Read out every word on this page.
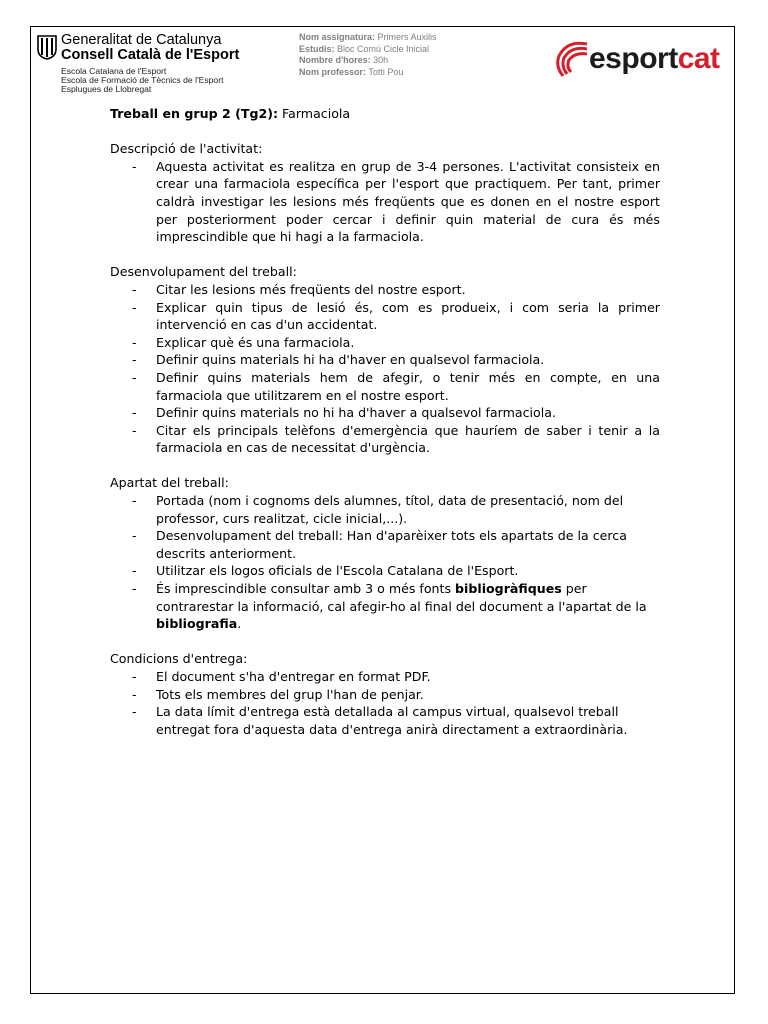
Generalitat de Catalunya
Consell Català de l'Esport
Escola Catalana de l'Esport
Escola de Formació de Tècnics de l'Esport
Esplugues de Llobregat
Nom assignatura: Primers Auxilis
Estudis: Bloc Comú Cicle Inicial
Nombre d'hores: 30h
Nom professor: Totti Pou	esportcat

Treball en grup 2 (Tg2): Farmaciola

Descripció de l'activitat:

- Aquesta activitat es realitza en grup de 3-4 persones. L'activitat consisteix en crear una farmaciola específica per l'esport que practiquem. Per tant, primer caldrà investigar les lesions més freqüents que es donen en el nostre esport per posteriorment poder cercar i definir quin material de cura és més imprescindible que hi hagi a la farmaciola.

Desenvolupament del treball:

- Citar les lesions més freqüents del nostre esport.
- Explicar quin tipus de lesió és, com es produeix, i com seria la primer intervenció en cas d'un accidentat.
- Explicar què és una farmaciola.
- Definir quins materials hi ha d'haver en qualsevol farmaciola.
- Definir quins materials hem de afegir, o tenir més en compte, en una farmaciola que utilitzarem en el nostre esport.
- Definir quins materials no hi ha d'haver a qualsevol farmaciola.
- Citar els principals telèfons d'emergència que hauríem de saber i tenir a la farmaciola en cas de necessitat d'urgència.

Apartat del treball:

- Portada (nom i cognoms dels alumnes, títol, data de presentació, nom del professor, curs realitzat, cicle inicial,...).
- Desenvolupament del treball: Han d'aparèixer tots els apartats de la cerca descrits anteriorment.
- Utilitzar els logos oficials de l'Escola Catalana de l'Esport.
- És imprescindible consultar amb 3 o més fonts bibliogràfiques per contrarestar la informació, cal afegir-ho al final del document a l'apartat de la bibliografia.

Condicions d'entrega:

- El document s'ha d'entregar en format PDF.
- Tots els membres del grup l'han de penjar.
- La data límit d'entrega està detallada al campus virtual, qualsevol treball entregat fora d'aquesta data d'entrega anirà directament a extraordinària.
